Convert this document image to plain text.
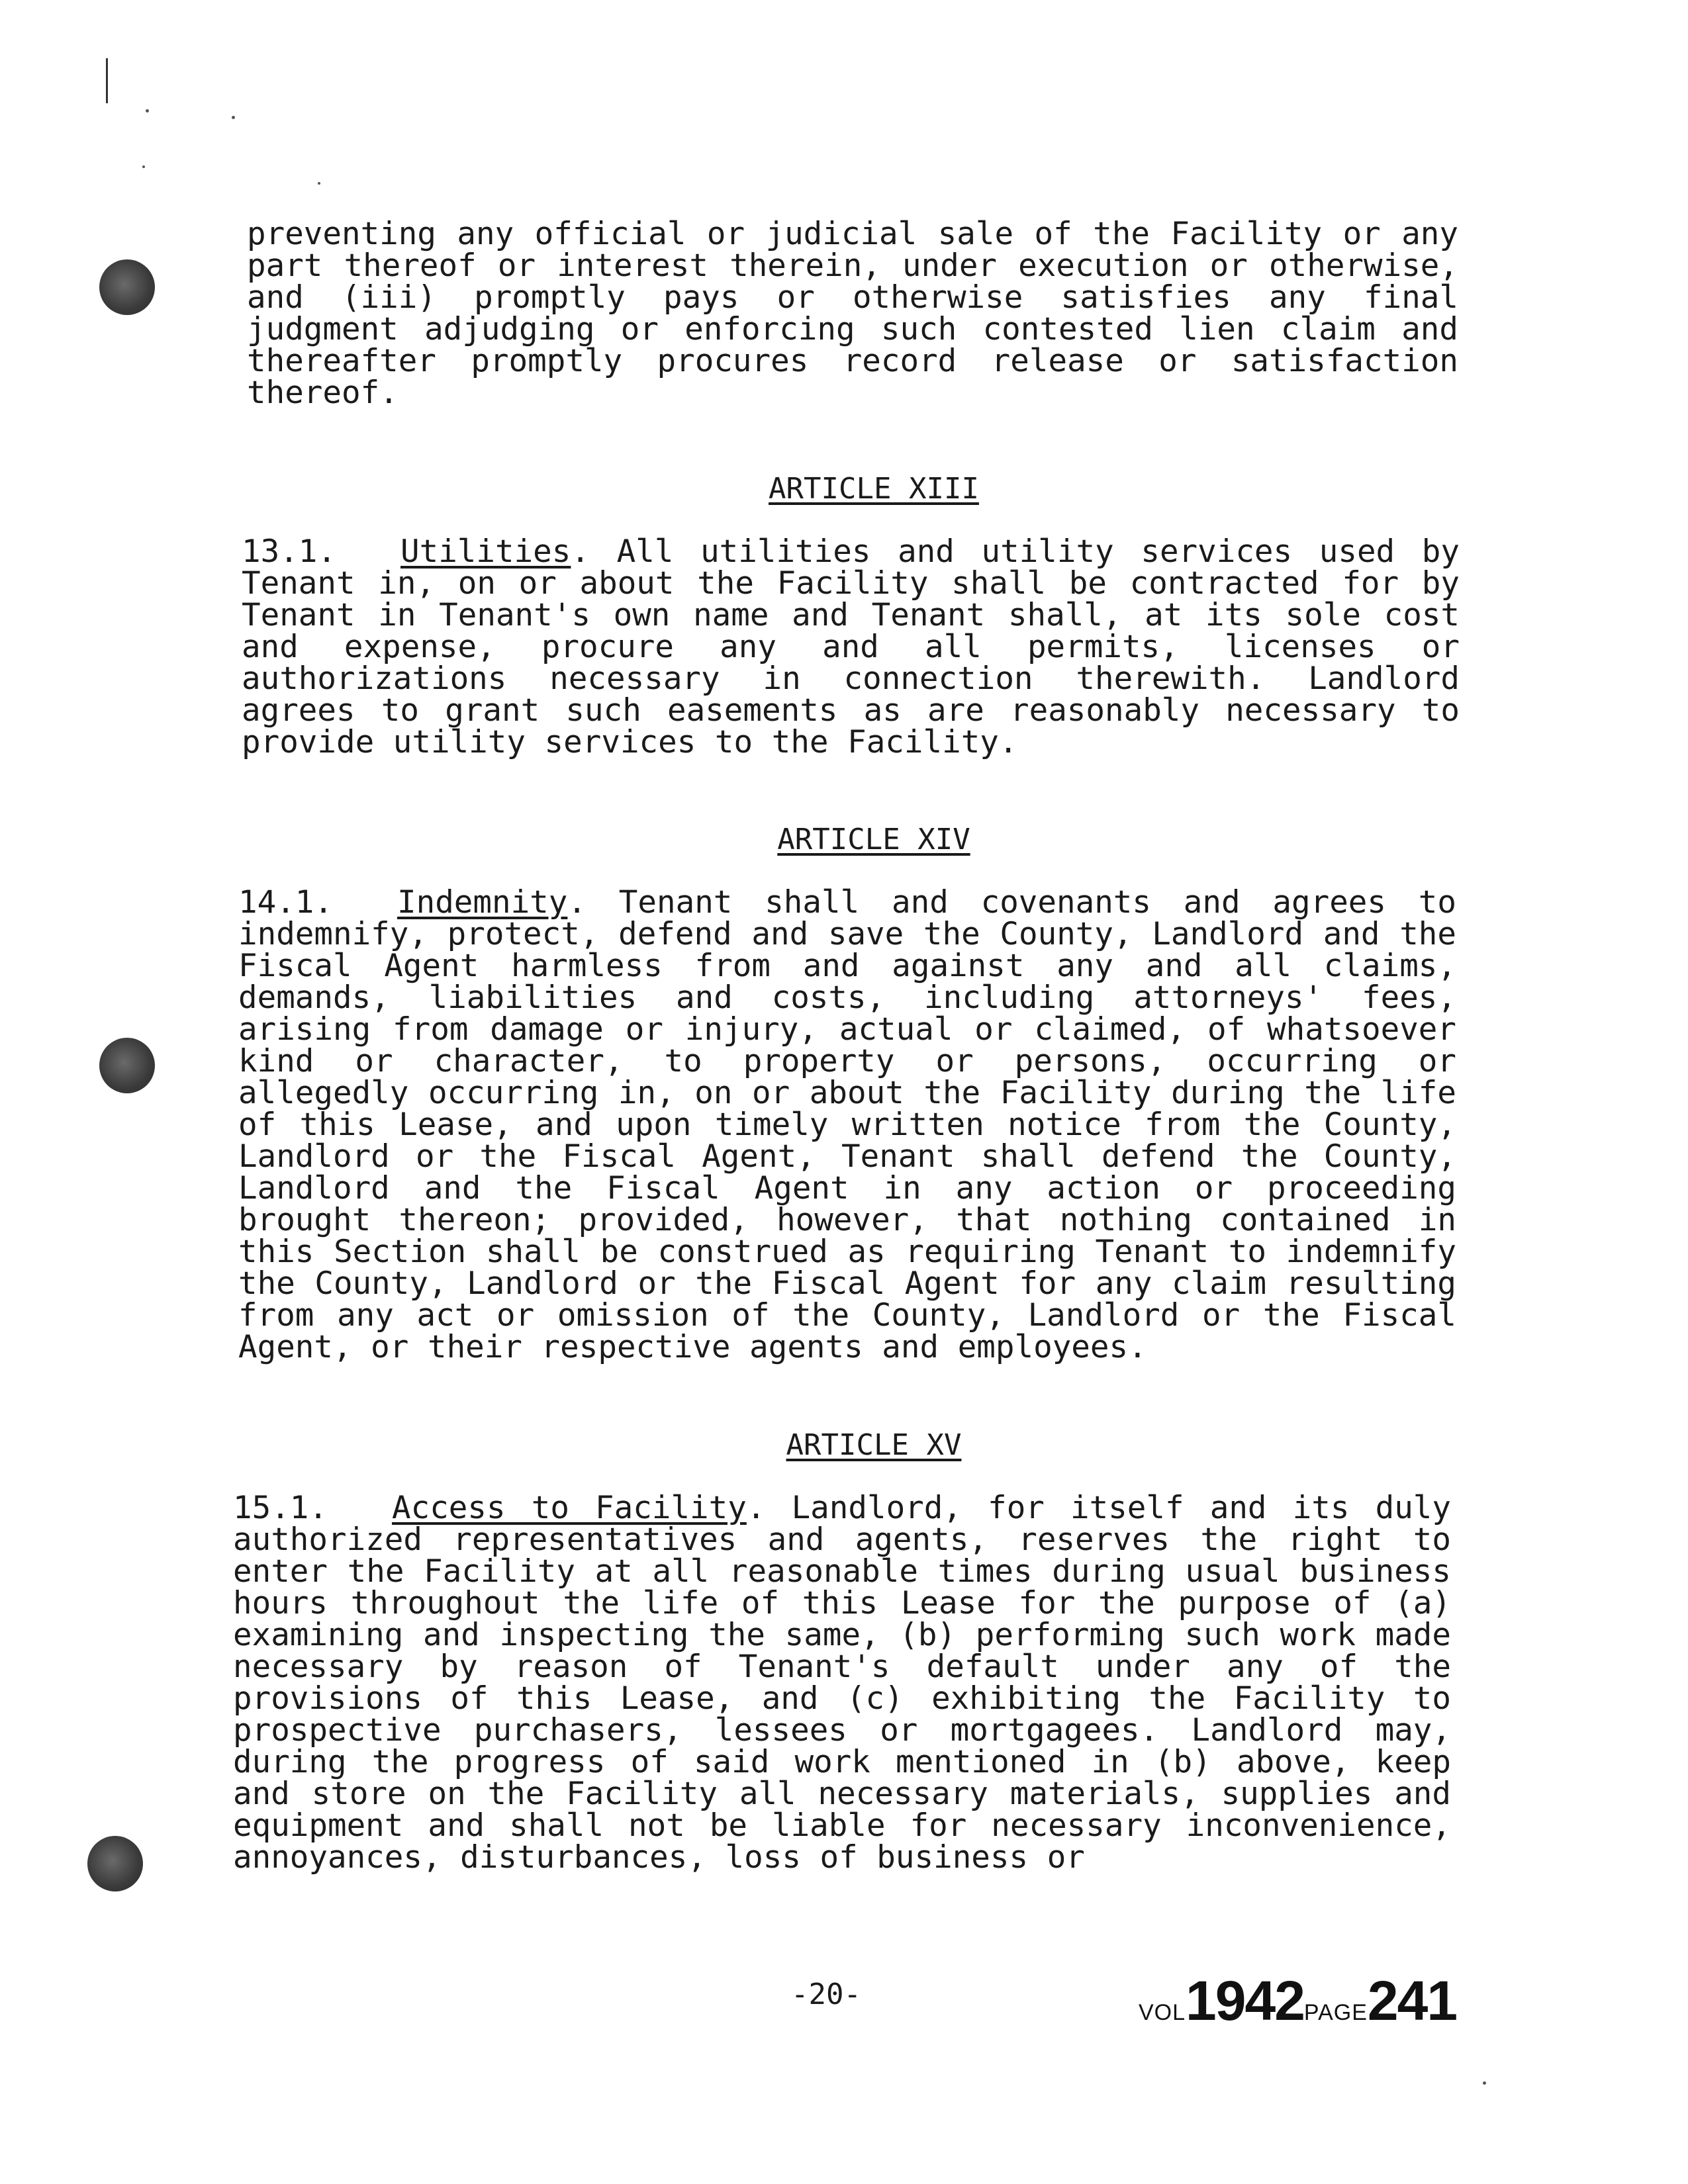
preventing any official or judicial sale of the Facility or any part thereof or interest therein, under execution or otherwise, and (iii) promptly pays or otherwise satisfies any final judgment adjudging or enforcing such contested lien claim and thereafter promptly procures record release or satisfaction thereof.
ARTICLE XIII
13.1. Utilities. All utilities and utility services used by Tenant in, on or about the Facility shall be contracted for by Tenant in Tenant's own name and Tenant shall, at its sole cost and expense, procure any and all permits, licenses or authorizations necessary in connection therewith. Landlord agrees to grant such easements as are reasonably necessary to provide utility services to the Facility.
ARTICLE XIV
14.1. Indemnity. Tenant shall and covenants and agrees to indemnify, protect, defend and save the County, Landlord and the Fiscal Agent harmless from and against any and all claims, demands, liabilities and costs, including attorneys' fees, arising from damage or injury, actual or claimed, of whatsoever kind or character, to property or persons, occurring or allegedly occurring in, on or about the Facility during the life of this Lease, and upon timely written notice from the County, Landlord or the Fiscal Agent, Tenant shall defend the County, Landlord and the Fiscal Agent in any action or proceeding brought thereon; provided, however, that nothing contained in this Section shall be construed as requiring Tenant to indemnify the County, Landlord or the Fiscal Agent for any claim resulting from any act or omission of the County, Landlord or the Fiscal Agent, or their respective agents and employees.
ARTICLE XV
15.1. Access to Facility. Landlord, for itself and its duly authorized representatives and agents, reserves the right to enter the Facility at all reasonable times during usual business hours throughout the life of this Lease for the purpose of (a) examining and inspecting the same, (b) performing such work made necessary by reason of Tenant's default under any of the provisions of this Lease, and (c) exhibiting the Facility to prospective purchasers, lessees or mortgagees. Landlord may, during the progress of said work mentioned in (b) above, keep and store on the Facility all necessary materials, supplies and equipment and shall not be liable for necessary inconvenience, annoyances, disturbances, loss of business or
-20-
VOL1942PAGE241
